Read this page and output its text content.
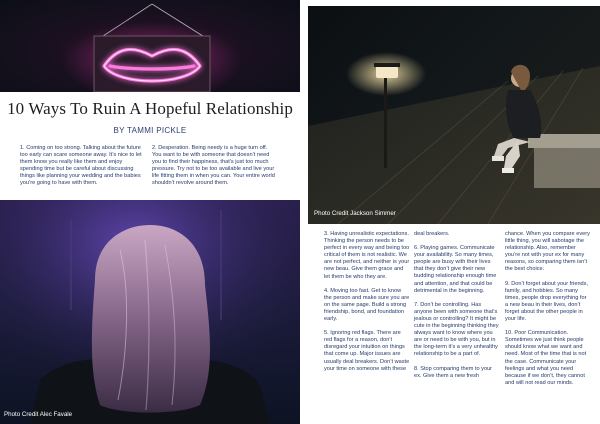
10 Ways To Ruin A Hopeful Relationship
BY TAMMI PICKLE
1. Coming on too strong. Talking about the future too early can scare someone away. It’s nice to let them know you really like them and enjoy spending time but be careful about discussing things like planning your wedding and the babies you’re going to have with them.
2. Desperation. Being needy is a huge turn off. You want to be with someone that doesn’t need you to find their happiness, that’s just too much pressure. Try not to be too available and live your life fitting them in when you can. Your entire world shouldn’t revolve around them.
Photo Credit Alec Favale
Photo Credit Jackson Simmer
3. Having unrealistic expectations. Thinking the person needs to be perfect in every way and being too critical of them is not realistic. We are not perfect, and neither is your new beau. Give them grace and let them be who they are.
4. Moving too fast. Get to know the person and make sure you are on the same page. Build a strong friendship, bond, and foundation early.
5. Ignoring red flags. There are red flags for a reason, don’t disregard your intuition on things that come up. Major issues are usually deal breakers. Don’t waste your time on someone with these
deal breakers.
6. Playing games. Communicate your availability. So many times, people are busy with their lives that they don’t give their new budding relationship enough time and attention, and that could be detrimental in the beginning.
7. Don’t be controlling. Has anyone been with someone that’s jealous or controlling? It might be cute in the beginning thinking they always want to know where you are or need to be with you, but in the long-term it’s a very unhealthy relationship to be a part of.
8. Stop comparing them to your ex. Give them a new fresh
chance. When you compare every little thing, you will sabotage the relationship. Also, remember you’re not with your ex for many reasons, so comparing them isn’t the best choice.
9. Don’t forget about your friends, family, and hobbies. So many times, people drop everything for a new beau in their lives, don’t forget about the other people in your life.
10. Poor Communication. Sometimes we just think people should know what we want and need. Most of the time that is not the case. Communicate your feelings and what you need because if we don’t, they cannot and will not read our minds.
